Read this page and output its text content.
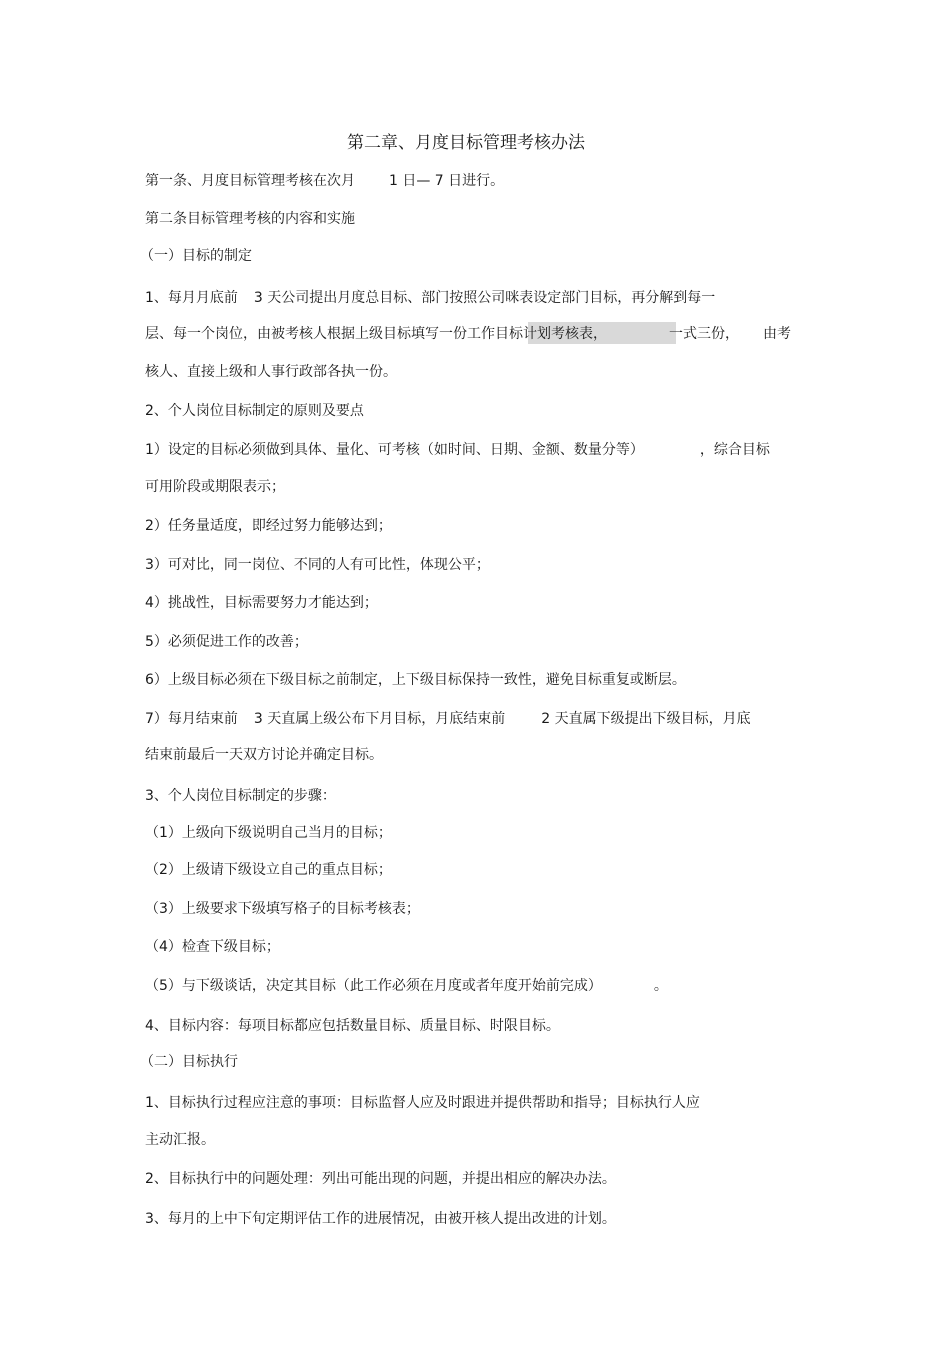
第二章、月度目标管理考核办法
第一条、月度目标管理考核在次月 1 日— 7 日进行。
第二条目标管理考核的内容和实施
（一）目标的制定
1、每月月底前 3 天公司提出月度总目标、部门按照公司咪表设定部门目标，再分解到每一
层、每一个岗位，由被考核人根据上级目标填写一份工作目标计划考核表，	一式三份， 由考
核人、直接上级和人事行政部各执一份。
2、个人岗位目标制定的原则及要点
1）设定的目标必须做到具体、量化、可考核（如时间、日期、金额、数量分等）	，综合目标
可用阶段或期限表示；
2）任务量适度，即经过努力能够达到；
3）可对比，同一岗位、不同的人有可比性，体现公平；
4）挑战性，目标需要努力才能达到；
5）必须促进工作的改善；
6）上级目标必须在下级目标之前制定，上下级目标保持一致性，避免目标重复或断层。
7）每月结束前 3 天直属上级公布下月目标，月底结束前	2 天直属下级提出下级目标，月底
结束前最后一天双方讨论并确定目标。
3、个人岗位目标制定的步骤：
（1）上级向下级说明自己当月的目标；
（2）上级请下级设立自己的重点目标；
（3）上级要求下级填写格子的目标考核表；
（4）检查下级目标；
（5）与下级谈话，决定其目标（此工作必须在月度或者年度开始前完成）	。
4、目标内容：每项目标都应包括数量目标、质量目标、时限目标。
（二）目标执行
1、目标执行过程应注意的事项：目标监督人应及时跟进并提供帮助和指导；目标执行人应
主动汇报。
2、目标执行中的问题处理：列出可能出现的问题，并提出相应的解决办法。
3、每月的上中下旬定期评估工作的进展情况，由被开核人提出改进的计划。
